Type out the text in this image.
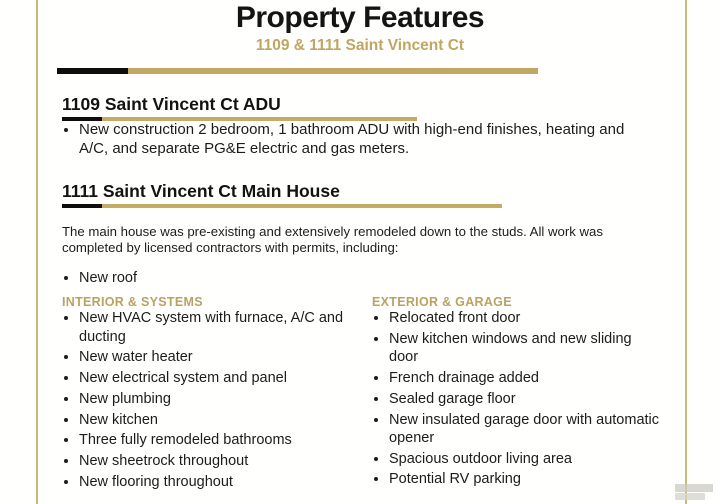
Property Features
1109 & 1111 Saint Vincent Ct
1109 Saint Vincent Ct ADU
• New construction 2 bedroom, 1 bathroom ADU with high-end finishes, heating and A/C, and separate PG&E electric and gas meters.
1111 Saint Vincent Ct Main House

The main house was pre-existing and extensively remodeled down to the studs. All work was completed by licensed contractors with permits, including:

• New roof
INTERIOR & SYSTEMS
• New HVAC system with furnace, A/C and ducting
• New water heater
• New electrical system and panel
• New plumbing
• New kitchen
• Three fully remodeled bathrooms
• New sheetrock throughout
• New flooring throughout
EXTERIOR & GARAGE
• Relocated front door
• New kitchen windows and new sliding door
• French drainage added
• Sealed garage floor
• New insulated garage door with automatic opener
• Spacious outdoor living area
• Potential RV parking
